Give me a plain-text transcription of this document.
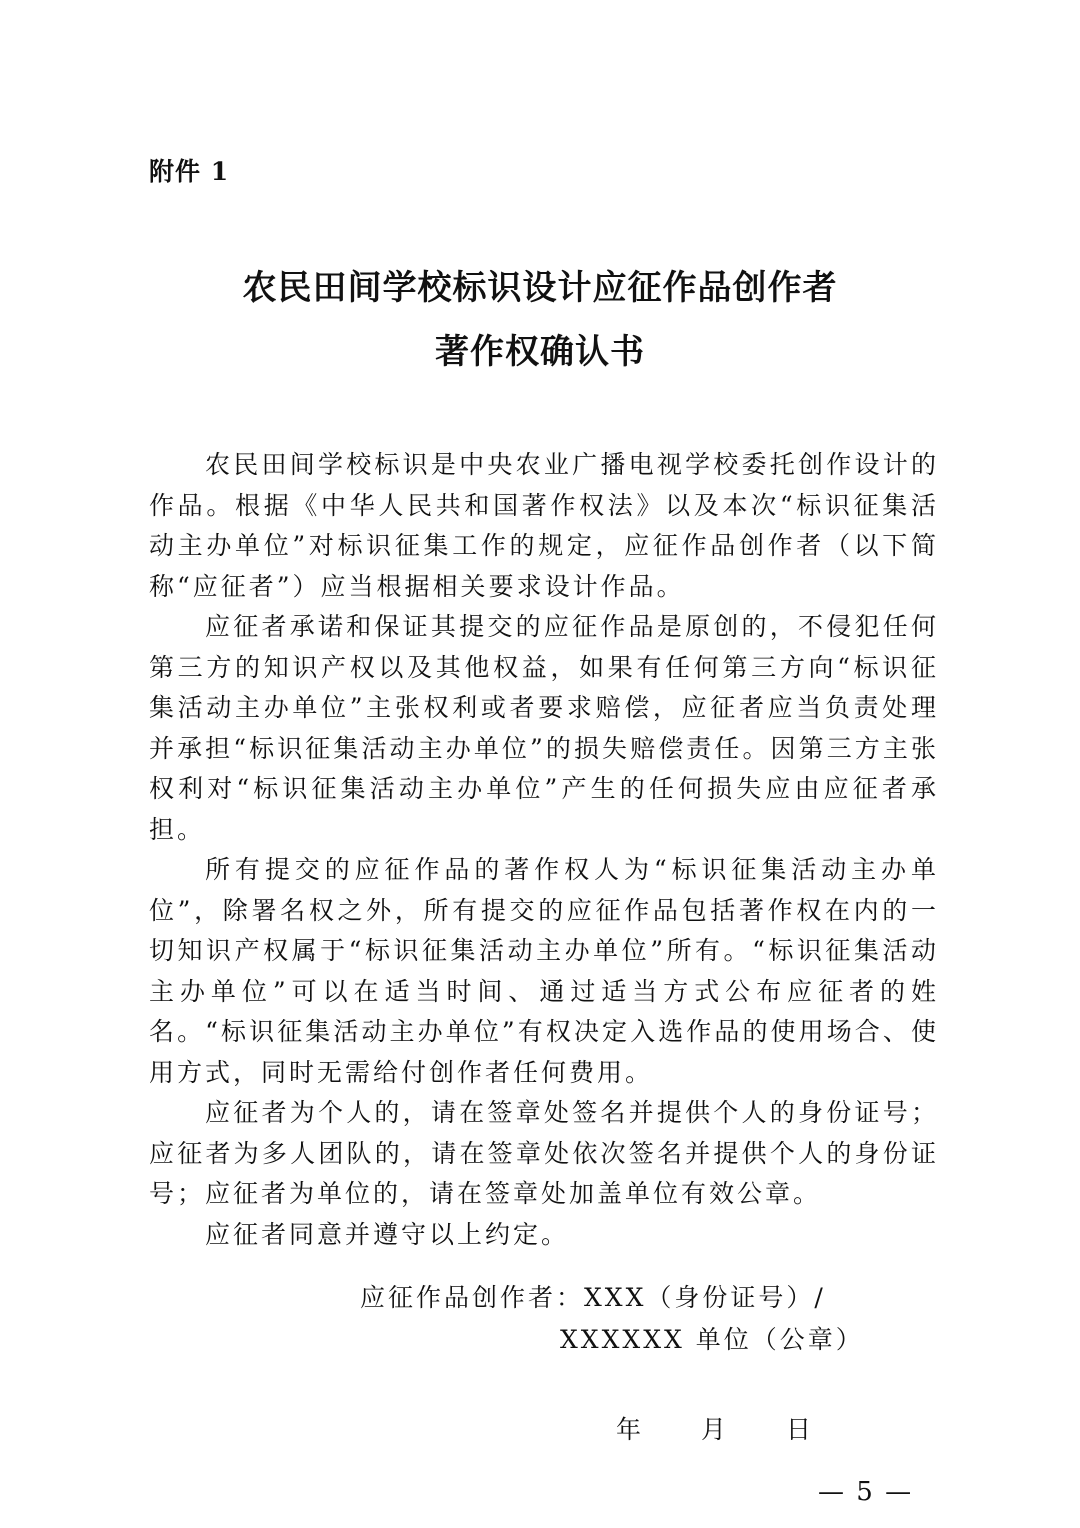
附件 1
农民田间学校标识设计应征作品创作者
著作权确认书

农民田间学校标识是中央农业广播电视学校委托创作设计的作品。根据《中华人民共和国著作权法》以及本次“标识征集活动主办单位”对标识征集工作的规定，应征作品创作者（以下简称“应征者”）应当根据相关要求设计作品。

应征者承诺和保证其提交的应征作品是原创的，不侵犯任何第三方的知识产权以及其他权益，如果有任何第三方向“标识征集活动主办单位”主张权利或者要求赔偿，应征者应当负责处理并承担“标识征集活动主办单位”的损失赔偿责任。因第三方主张权利对“标识征集活动主办单位”产生的任何损失应由应征者承担。

所有提交的应征作品的著作权人为“标识征集活动主办单位”，除署名权之外，所有提交的应征作品包括著作权在内的一切知识产权属于“标识征集活动主办单位”所有。“标识征集活动主办单位”可以在适当时间、通过适当方式公布应征者的姓名。“标识征集活动主办单位”有权决定入选作品的使用场合、使用方式，同时无需给付创作者任何费用。

应征者为个人的，请在签章处签名并提供个人的身份证号；应征者为多人团队的，请在签章处依次签名并提供个人的身份证号；应征者为单位的，请在签章处加盖单位有效公章。

应征者同意并遵守以上约定。

应征作品创作者：XXX（身份证号）/
XXXXXX 单位（公章）
年 月 日
— 5 —
